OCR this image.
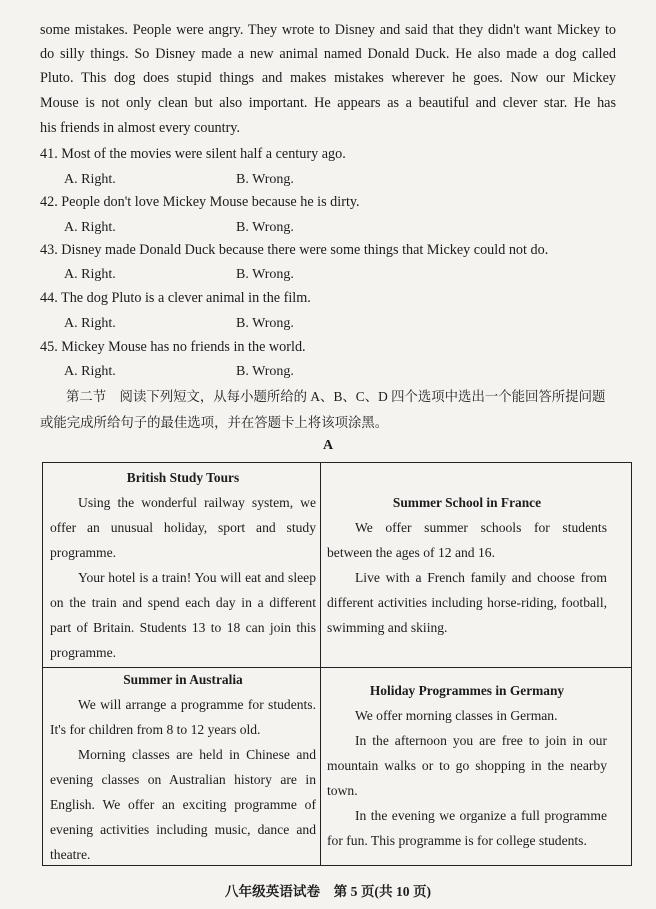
some mistakes. People were angry. They wrote to Disney and said that they didn't want Mickey to
do silly things. So Disney made a new animal named Donald Duck. He also made a dog called
Pluto. This dog does stupid things and makes mistakes wherever he goes. Now our Mickey
Mouse is not only clean but also important. He appears as a beautiful and clever star. He has
his friends in almost every country.
41. Most of the movies were silent half a century ago.
A. Right.	B. Wrong.
42. People don't love Mickey Mouse because he is dirty.
A. Right.	B. Wrong.
43. Disney made Donald Duck because there were some things that Mickey could not do.
A. Right.	B. Wrong.
44. The dog Pluto is a clever animal in the film.
A. Right.	B. Wrong.
45. Mickey Mouse has no friends in the world.
A. Right.	B. Wrong.
第二节　阅读下列短文，从每小题所给的 A、B、C、D 四个选项中选出一个能回答所提问题
或能完成所给句子的最佳选项，并在答题卡上将该项涂黑。
A
British Study Tours

Using the wonderful railway system, we offer an unusual holiday, sport and study programme.

Your hotel is a train! You will eat and sleep on the train and spend each day in a different part of Britain. Students 13 to 18 can join this programme.

Summer School in France

We offer summer schools for students between the ages of 12 and 16.

Live with a French family and choose from different activities including horse-riding, football, swimming and skiing.

Summer in Australia

We will arrange a programme for students. It's for children from 8 to 12 years old.

Morning classes are held in Chinese and evening classes on Australian history are in English. We offer an exciting programme of evening activities including music, dance and theatre.

Holiday Programmes in Germany

We offer morning classes in German.

In the afternoon you are free to join in our mountain walks or to go shopping in the nearby town.

In the evening we organize a full programme for fun. This programme is for college students.

八年级英语试卷　第 5 页(共 10 页)
